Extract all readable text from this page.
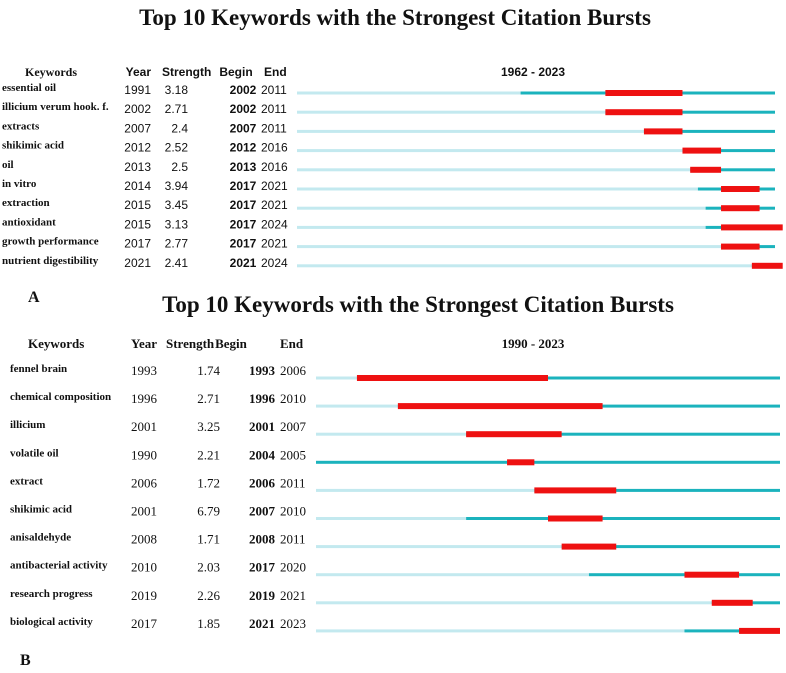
Top 10 Keywords with the Strongest Citation Bursts
A	Top 10 Keywords with the Strongest Citation Bursts
B
Keywords	Year Strength Begin End	1962 - 2023
essential oil	1991 3.18	2002 2011
illicium verum hook. f. 2002 2.71	2002 2011
extracts	2007 2.4	2007 2011
shikimic acid	2012 2.52	2012 2016
oil	2013 2.5	2013 2016
in vitro	2014 3.94	2017 2021
extraction	2015 3.45	2017 2021
antioxidant	2015 3.13	2017 2024
growth performance 2017 2.77	2017 2021
nutrient digestibility 2021 2.41	2021 2024
Keywords	Year Strength Begin	End	1990 - 2023
fennel brain	1993	1.74 1993 2006
chemical composition 1996	2.71 1996 2010
illicium	2001	3.25 2001 2007
volatile oil	1990	2.21 2004 2005
extract	2006	1.72 2006 2011
shikimic acid	2001	6.79 2007 2010
anisaldehyde	2008	1.71 2008 2011
antibacterial activity 2010	2.03 2017 2020
research progress	2019	2.26 2019 2021
biological activity	2017	1.85 2021 2023
